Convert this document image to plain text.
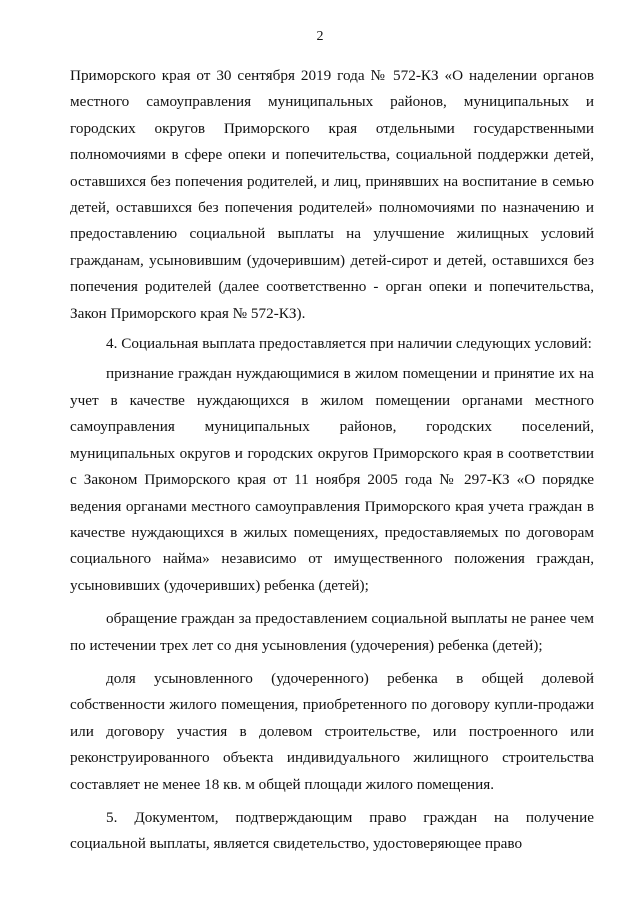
2

Приморского края от 30 сентября 2019 года № 572-КЗ «О наделении органов местного самоуправления муниципальных районов, муниципальных и городских округов Приморского края отдельными государственными полномочиями в сфере опеки и попечительства, социальной поддержки детей, оставшихся без попечения родителей, и лиц, принявших на воспитание в семью детей, оставшихся без попечения родителей» полномочиями по назначению и предоставлению социальной выплаты на улучшение жилищных условий гражданам, усыновившим (удочерившим) детей-сирот и детей, оставшихся без попечения родителей (далее соответственно - орган опеки и попечительства, Закон Приморского края № 572-КЗ).

4. Социальная выплата предоставляется при наличии следующих условий:

признание граждан нуждающимися в жилом помещении и принятие их на учет в качестве нуждающихся в жилом помещении органами местного самоуправления муниципальных районов, городских поселений, муниципальных округов и городских округов Приморского края в соответствии с Законом Приморского края от 11 ноября 2005 года № 297-КЗ «О порядке ведения органами местного самоуправления Приморского края учета граждан в качестве нуждающихся в жилых помещениях, предоставляемых по договорам социального найма» независимо от имущественного положения граждан, усыновивших (удочеривших) ребенка (детей);

обращение граждан за предоставлением социальной выплаты не ранее чем по истечении трех лет со дня усыновления (удочерения) ребенка (детей);

доля усыновленного (удочеренного) ребенка в общей долевой собственности жилого помещения, приобретенного по договору купли-продажи или договору участия в долевом строительстве, или построенного или реконструированного объекта индивидуального жилищного строительства составляет не менее 18 кв. м общей площади жилого помещения.

5. Документом, подтверждающим право граждан на получение социальной выплаты, является свидетельство, удостоверяющее право
